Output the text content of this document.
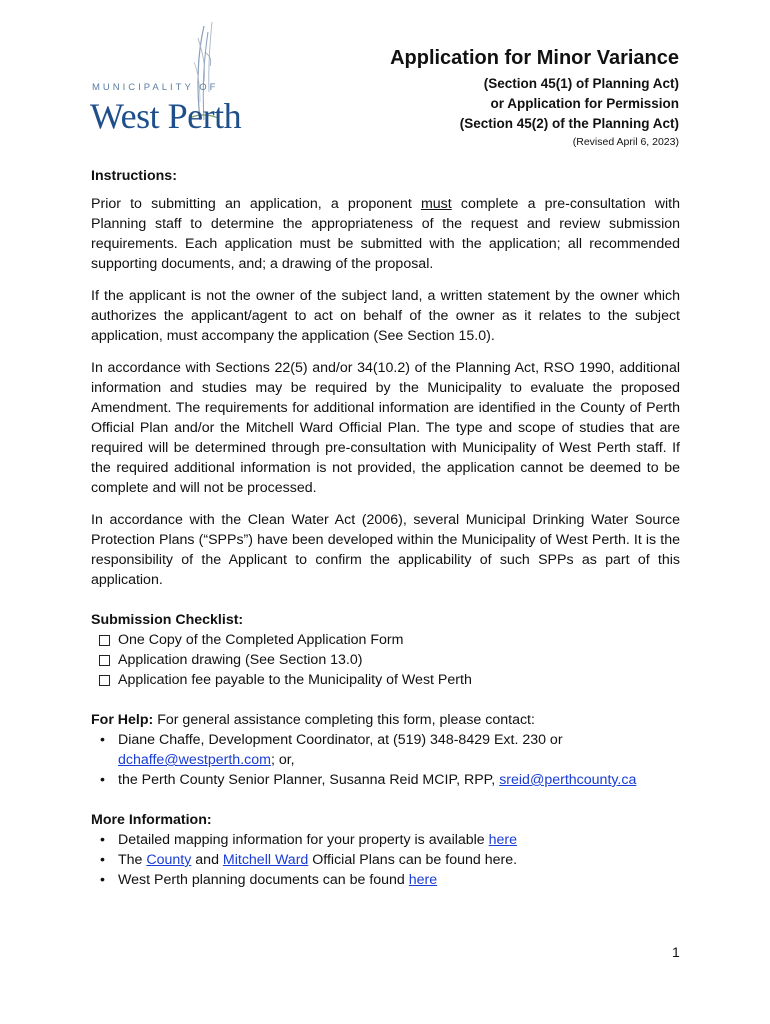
MUNICIPALITY OF
West Perth
Application for Minor Variance
(Section 45(1) of Planning Act)
or Application for Permission
(Section 45(2) of the Planning Act)
(Revised April 6, 2023)

Instructions:

Prior to submitting an application, a proponent must complete a pre-consultation with Planning staff to determine the appropriateness of the request and review submission requirements. Each application must be submitted with the application; all recommended supporting documents, and; a drawing of the proposal.

If the applicant is not the owner of the subject land, a written statement by the owner which authorizes the applicant/agent to act on behalf of the owner as it relates to the subject application, must accompany the application (See Section 15.0).

In accordance with Sections 22(5) and/or 34(10.2) of the Planning Act, RSO 1990, additional information and studies may be required by the Municipality to evaluate the proposed Amendment. The requirements for additional information are identified in the County of Perth Official Plan and/or the Mitchell Ward Official Plan. The type and scope of studies that are required will be determined through pre-consultation with Municipality of West Perth staff. If the required additional information is not provided, the application cannot be deemed to be complete and will not be processed.

In accordance with the Clean Water Act (2006), several Municipal Drinking Water Source Protection Plans (“SPPs”) have been developed within the Municipality of West Perth. It is the responsibility of the Applicant to confirm the applicability of such SPPs as part of this application.

Submission Checklist:

One Copy of the Completed Application Form
Application drawing (See Section 13.0)
Application fee payable to the Municipality of West Perth

For Help: For general assistance completing this form, please contact:

• Diane Chaffe, Development Coordinator, at (519) 348-8429 Ext. 230 or
dchaffe@westperth.com; or,
• the Perth County Senior Planner, Susanna Reid MCIP, RPP, sreid@perthcounty.ca

More Information:

• Detailed mapping information for your property is available here
• The County and Mitchell Ward Official Plans can be found here.
• West Perth planning documents can be found here
1
